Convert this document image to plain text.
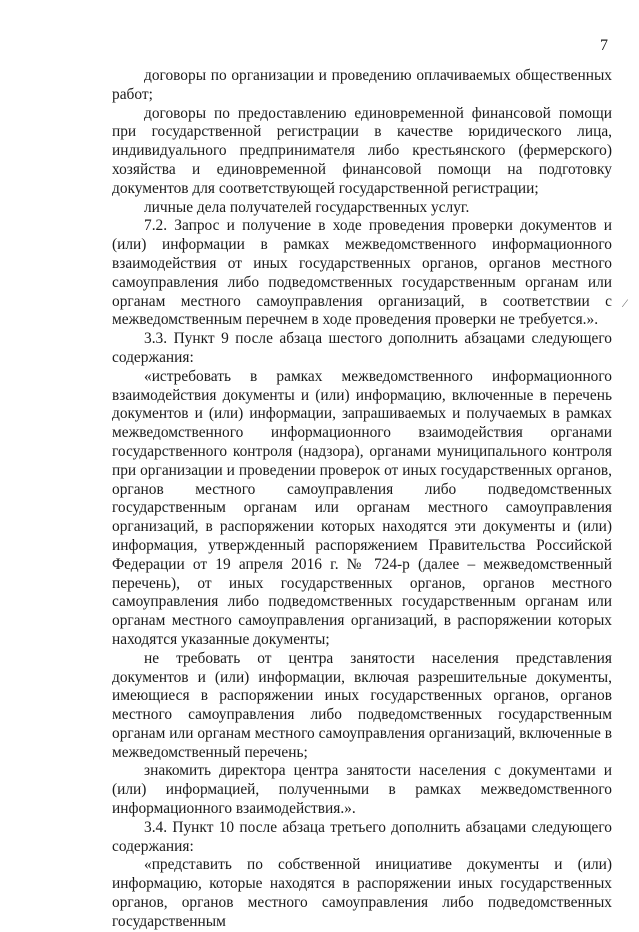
7

договоры по организации и проведению оплачиваемых общественных работ;

договоры по предоставлению единовременной финансовой помощи при государственной регистрации в качестве юридического лица, индивидуального предпринимателя либо крестьянского (фермерского) хозяйства и единовременной финансовой помощи на подготовку документов для соответствующей государственной регистрации;

личные дела получателей государственных услуг.

7.2. Запрос и получение в ходе проведения проверки документов и (или) информации в рамках межведомственного информационного взаимодействия от иных государственных органов, органов местного самоуправления либо подведомственных государственным органам или органам местного самоуправления организаций, в соответствии с межведомственным перечнем в ходе проведения проверки не требуется.».

3.3. Пункт 9 после абзаца шестого дополнить абзацами следующего содержания:

«истребовать в рамках межведомственного информационного взаимодействия документы и (или) информацию, включенные в перечень документов и (или) информации, запрашиваемых и получаемых в рамках межведомственного информационного взаимодействия органами государственного контроля (надзора), органами муниципального контроля при организации и проведении проверок от иных государственных органов, органов местного самоуправления либо подведомственных государственным органам или органам местного самоуправления организаций, в распоряжении которых находятся эти документы и (или) информация, утвержденный распоряжением Правительства Российской Федерации от 19 апреля 2016 г. № 724-р (далее – межведомственный перечень), от иных государственных органов, органов местного самоуправления либо подведомственных государственным органам или органам местного самоуправления организаций, в распоряжении которых находятся указанные документы;

не требовать от центра занятости населения представления документов и (или) информации, включая разрешительные документы, имеющиеся в распоряжении иных государственных органов, органов местного самоуправления либо подведомственных государственным органам или органам местного самоуправления организаций, включенные в межведомственный перечень;

знакомить директора центра занятости населения с документами и (или) информацией, полученными в рамках межведомственного информационного взаимодействия.».

3.4. Пункт 10 после абзаца третьего дополнить абзацами следующего содержания:

«представить по собственной инициативе документы и (или) информацию, которые находятся в распоряжении иных государственных органов, органов местного самоуправления либо подведомственных государственным

⁄
